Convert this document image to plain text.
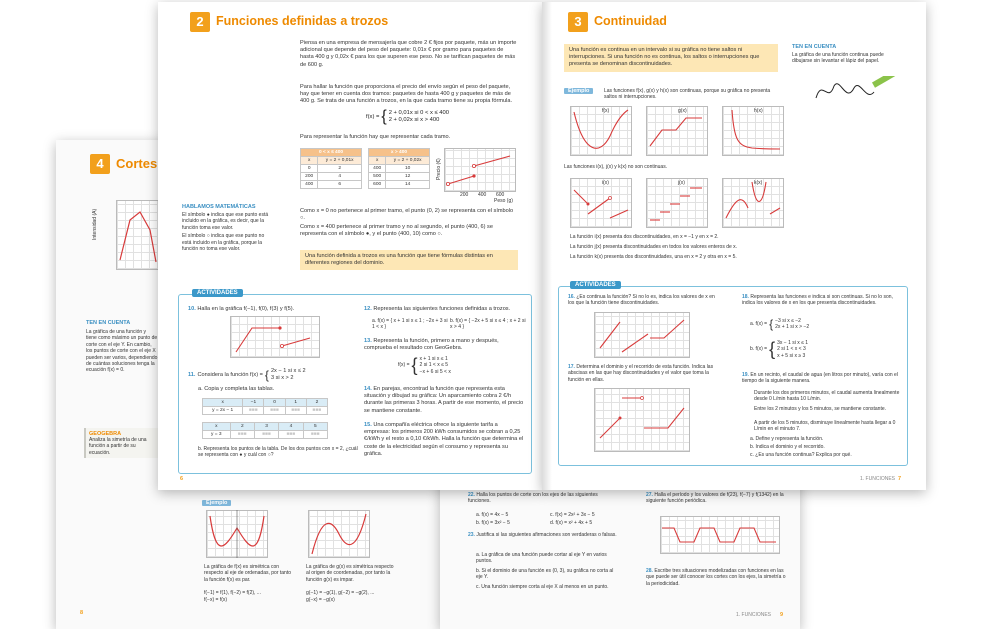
4 Cortes
Intensidad (A)
TEN EN CUENTA
La gráfica de una función y tiene como máximo un punto de corte con el eje Y. En cambio, los puntos de corte con el eje X pueden ser varios, dependiendo de cuántas soluciones tenga la ecuación f(x) = 0.
GEOGEBRA
Analiza la simetría de una función a partir de su ecuación.
Ejemplo
La gráfica de f(x) es simétrica con respecto al eje de ordenadas, por tanto la función f(x) es par.
f(−1) = f(1), f(−2) = f(2), ...
f(−x) = f(x)
La gráfica de g(x) es simétrica respecto al origen de coordenadas, por tanto la función g(x) es impar.
g(−1) = −g(1), g(−2) = −g(2), ...
g(−x) = −g(x)
8
22. Halla los puntos de corte con los ejes de las siguientes funciones.
a. f(x) = 4x − 5
b. f(x) = 3x² − 5
c. f(x) = 2x² + 3x − 5
d. f(x) = x² + 4x + 5
23. Justifica si las siguientes afirmaciones son verdaderas o falsas.
a. La gráfica de una función puede cortar al eje Y en varios puntos.
b. Si el dominio de una función es (0, 3), su gráfica no corta al eje Y.
c. Una función siempre corta al eje X al menos en un punto.
27. Halla el período y los valores de f(23), f(−7) y f(1342) en la siguiente función periódica.
28. Escribe tres situaciones modelizadas con funciones en las que puede ser útil conocer los cortes con los ejes, la simetría o la periodicidad.
1. FUNCIONES 9
2 Funciones definidas a trozos
Piensa en una empresa de mensajería que cobre 2 € fijos por paquete, más un importe adicional que depende del peso del paquete: 0,01x € por gramo para paquetes de hasta 400 g y 0,02x € para los que superen ese peso. No se tarifican paquetes de más de 600 g.
Para hallar la función que proporciona el precio del envío según el peso del paquete, hay que tener en cuenta dos tramos: paquetes de hasta 400 g y paquetes de más de 400 g. Se trata de una función a trozos, en la que cada tramo tiene su propia fórmula.
f(x) = { 2 + 0,01x si 0 < x ≤ 400
2 + 0,02x si x > 400
Para representar la función hay que representar cada tramo.
0 < x ≤ 400	
x	y = 2 + 0,01x
0	2
200	4
400	6
x > 400	
x	y = 2 + 0,02x
400	10
500	12
600	14
Precio (€)
200 400 600
Peso (g)
HABLAMOS MATEMÁTICAS
El símbolo ● indica que ese punto está incluido en la gráfica, es decir, que la función toma ese valor.
El símbolo ○ indica que ese punto no está incluido en la gráfica, porque la función no toma ese valor.
Como x = 0 no pertenece al primer tramo, el punto (0, 2) se representa con el símbolo ○.
Como x = 400 pertenece al primer tramo y no al segundo, el punto (400, 6) se representa con el símbolo ●, y el punto (400, 10) como ○.
Una función definida a trozos es una función que tiene fórmulas distintas en diferentes regiones del dominio.
ACTIVIDADES
10. Halla en la gráfica f(−1), f(0), f(3) y f(5).
11. Considera la función f(x) = { 2x − 1 si x ≤ 2
3 si x > 2
a. Copia y completa las tablas.
x	−1	0	1	2
y = 2x − 1	■■■	■■■	■■■	■■■
x	2	3	4	5
y = 3	■■■	■■■	■■■	■■■
b. Representa los puntos de la tabla. De los dos puntos con x = 2, ¿cuál se representa con ● y cuál con ○?
12. Representa las siguientes funciones definidas a trozos.
a. f(x) = { x + 1 si x ≤ 1 ; −2x + 3 si 1 < x }
b. f(x) = { −2x + 5 si x ≤ 4 ; x + 2 si x > 4 }
13. Representa la función, primero a mano y después, comprueba el resultado con GeoGebra.
f(x) = { x + 1 si x ≤ 1
2 si 1 < x ≤ 5
−x + 6 si 5 < x
14. En parejas, encontrad la función que representa esta situación y dibujad su gráfica: Un aparcamiento cobra 2 €/h durante las primeras 3 horas. A partir de ese momento, el precio se mantiene constante.
15. Una compañía eléctrica ofrece la siguiente tarifa a empresas: los primeros 200 kWh consumidos se cobran a 0,25 €/kWh y el resto a 0,10 €/kWh. Halla la función que determina el coste de la electricidad según el consumo y representa su gráfica.
6
3 Continuidad
Una función es continua en un intervalo si su gráfica no tiene saltos ni interrupciones. Si una función no es continua, los saltos o interrupciones que presenta se denominan discontinuidades.
TEN EN CUENTA
La gráfica de una función continua puede dibujarse sin levantar el lápiz del papel.
Ejemplo	Las funciones f(x), g(x) y h(x) son continuas, porque su gráfica no presenta saltos ni interrupciones.
f(x)	g(x)	h(x)
Las funciones i(x), j(x) y k(x) no son continuas.
i(x)	j(x)	k(x)
La función i(x) presenta dos discontinuidades, en x = −1 y en x = 2.
La función j(x) presenta discontinuidades en todos los valores enteros de x.
La función k(x) presenta dos discontinuidades, una en x = 2 y otra en x = 5.
ACTIVIDADES
16. ¿Es continua la función? Si no lo es, indica los valores de x en los que la función tiene discontinuidades.
17. Determina el dominio y el recorrido de esta función. Indica las abscisas en las que hay discontinuidades y el valor que toma la función en ellas.
18. Representa las funciones e indica si son continuas. Si no lo son, indica los valores de x en los que presenta discontinuidades.
a. f(x) = { −3 si x ≤ −2
2x + 1 si x > −2
b. f(x) = { 3x − 1 si x ≤ 1
2 si 1 < x < 3
x + 5 si x ≥ 3
19. En un recinto, el caudal de agua (en litros por minuto), varía con el tiempo de la siguiente manera.
Durante los dos primeros minutos, el caudal aumenta linealmente desde 0 L/min hasta 10 L/min.
Entre los 2 minutos y los 5 minutos, se mantiene constante.
A partir de los 5 minutos, disminuye linealmente hasta llegar a 0 L/min en el minuto 7.
a. Define y representa la función.
b. Indica el dominio y el recorrido.
c. ¿Es una función continua? Explica por qué.
1. FUNCIONES 7
